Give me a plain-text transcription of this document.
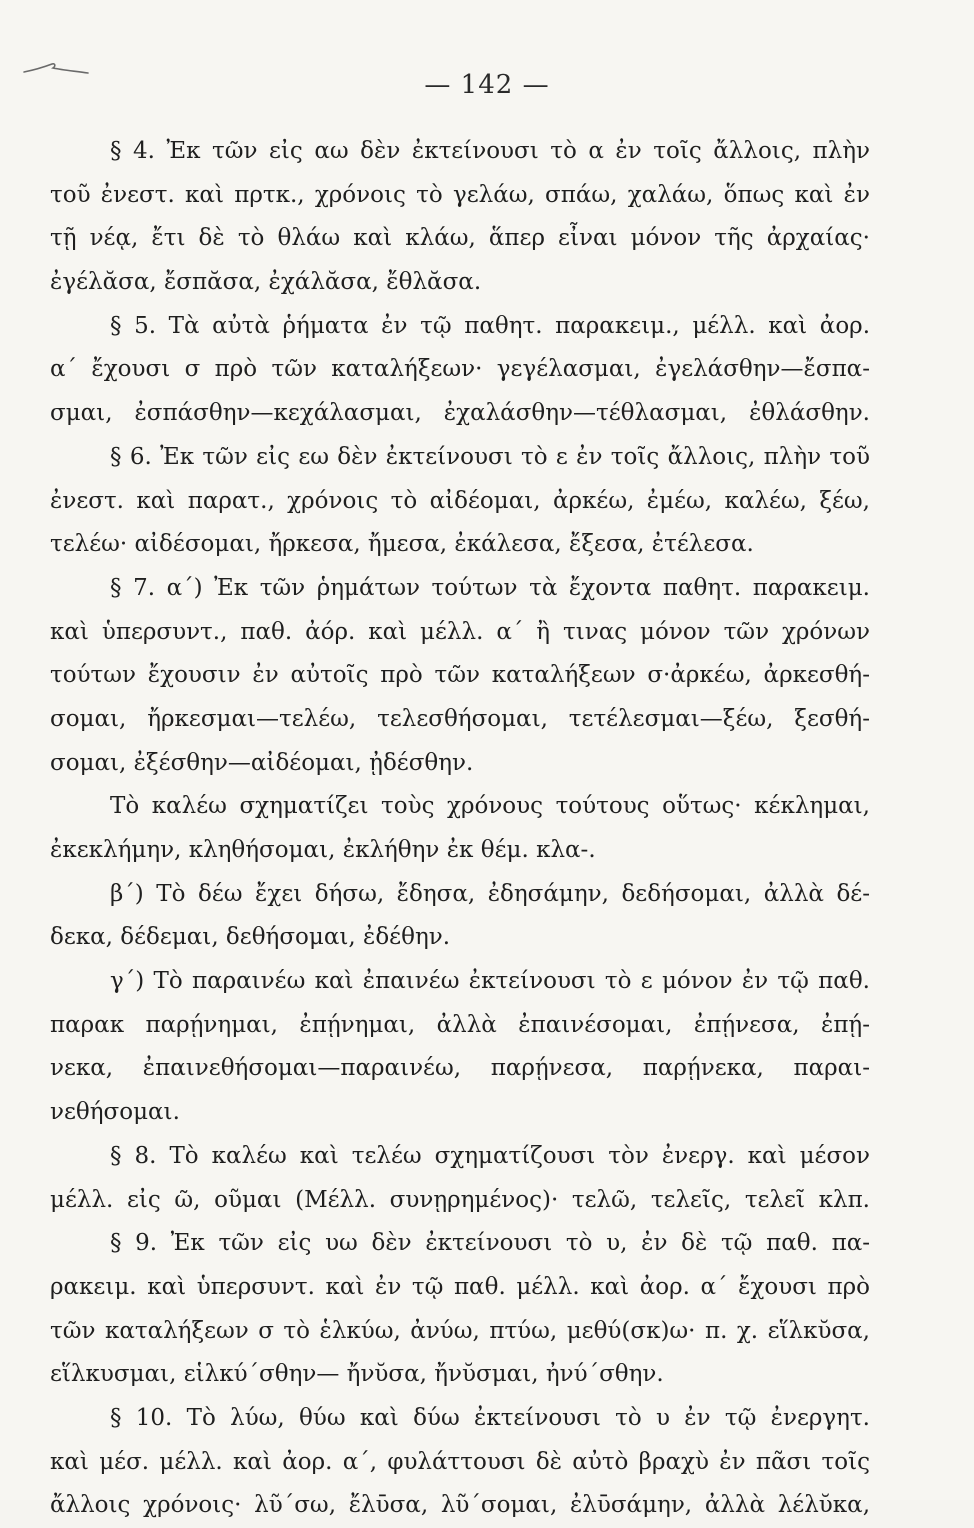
— 142 —
§ 4. Ἐκ τῶν εἰς αω δὲν ἐκτείνουσι τὸ α ἐν τοῖς ἄλλοις, πλὴν
τοῦ ἐνεστ. καὶ πρτκ., χρόνοις τὸ γελάω, σπάω, χαλάω, ὅπως καὶ ἐν
τῇ νέᾳ, ἔτι δὲ τὸ θλάω καὶ κλάω, ἅπερ εἶναι μόνον τῆς ἀρχαίας·
ἐγέλᾰσα, ἔσπᾰσα, ἐχάλᾰσα, ἔθλᾰσα.
§ 5. Τὰ αὐτὰ ῥήματα ἐν τῷ παθητ. παρακειμ., μέλλ. καὶ ἀορ.
α΄ ἔχουσι σ πρὸ τῶν καταλήξεων· γεγέλασμαι, ἐγελάσθην—ἔσπα-
σμαι, ἐσπάσθην—κεχάλασμαι, ἐχαλάσθην—τέθλασμαι, ἐθλάσθην.
§ 6. Ἐκ τῶν εἰς εω δὲν ἐκτείνουσι τὸ ε ἐν τοῖς ἄλλοις, πλὴν τοῦ
ἐνεστ. καὶ παρατ., χρόνοις τὸ αἰδέομαι, ἀρκέω, ἐμέω, καλέω, ξέω,
τελέω· αἰδέσομαι, ἤρκεσα, ἤμεσα, ἐκάλεσα, ἔξεσα, ἐτέλεσα.
§ 7. α΄) Ἐκ τῶν ῥημάτων τούτων τὰ ἔχοντα παθητ. παρακειμ.
καὶ ὑπερσυντ., παθ. ἀόρ. καὶ μέλλ. α΄ ἢ τινας μόνον τῶν χρόνων
τούτων ἔχουσιν ἐν αὐτοῖς πρὸ τῶν καταλήξεων σ·ἀρκέω, ἀρκεσθή-
σομαι, ἤρκεσμαι—τελέω, τελεσθήσομαι, τετέλεσμαι—ξέω, ξεσθή-
σομαι, ἐξέσθην—αἰδέομαι, ᾐδέσθην.
Τὸ καλέω σχηματίζει τοὺς χρόνους τούτους οὕτως· κέκλημαι,
ἐκεκλήμην, κληθήσομαι, ἐκλήθην ἐκ θέμ. κλα-.
β΄) Τὸ δέω ἔχει δήσω, ἔδησα, ἐδησάμην, δεδήσομαι, ἀλλὰ δέ-
δεκα, δέδεμαι, δεθήσομαι, ἐδέθην.
γ΄) Τὸ παραινέω καὶ ἐπαινέω ἐκτείνουσι τὸ ε μόνον ἐν τῷ παθ.
παρακ παρῄνημαι, ἐπῄνημαι, ἀλλὰ ἐπαινέσομαι, ἐπῄνεσα, ἐπῄ-
νεκα, ἐπαινεθήσομαι—παραινέω, παρῄνεσα, παρῄνεκα, παραι-
νεθήσομαι.
§ 8. Τὸ καλέω καὶ τελέω σχηματίζουσι τὸν ἐνεργ. καὶ μέσον
μέλλ. εἰς ῶ, οῦμαι (Μέλλ. συνῃρημένος)· τελῶ, τελεῖς, τελεῖ κλπ.
§ 9. Ἐκ τῶν εἰς υω δὲν ἐκτείνουσι τὸ υ, ἐν δὲ τῷ παθ. πα-
ρακειμ. καὶ ὑπερσυντ. καὶ ἐν τῷ παθ. μέλλ. καὶ ἀορ. α΄ ἔχουσι πρὸ
τῶν καταλήξεων σ τὸ ἑλκύω, ἀνύω, πτύω, μεθύ(σκ)ω· π. χ. εἵλκῠσα,
εἵλκυσμαι, εἱλκύ΄σθην— ἤνῠσα, ἤνῠσμαι, ἠνύ΄σθην.
§ 10. Τὸ λύω, θύω καὶ δύω ἐκτείνουσι τὸ υ ἐν τῷ ἐνεργητ.
καὶ μέσ. μέλλ. καὶ ἀορ. α΄, φυλάττουσι δὲ αὐτὸ βραχὺ ἐν πᾶσι τοῖς
ἄλλοις χρόνοις· λῦ΄σω, ἔλῡσα, λῦ΄σομαι, ἐλῡσάμην, ἀλλὰ λέλῠκα,
